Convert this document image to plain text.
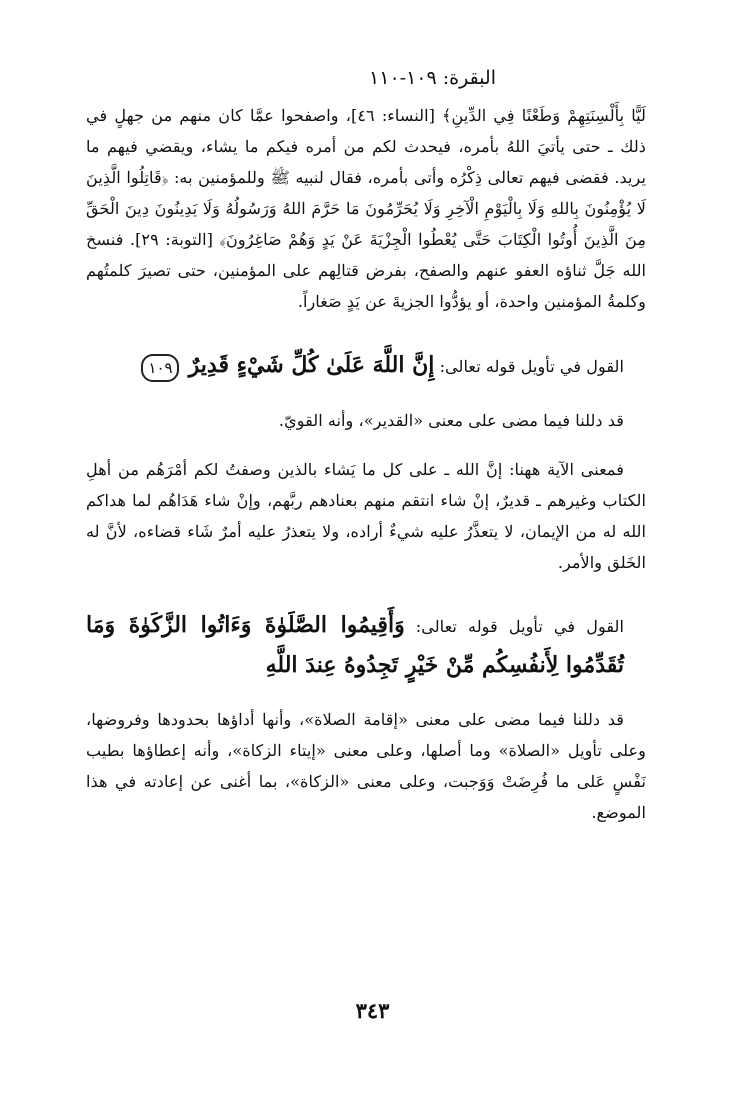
البقرة: ١٠٩-١١٠

لَيًّا بِأَلْسِنَتِهِمْ وَطَعْنًا فِي الدِّينِ﴾ [النساء: ٤٦]، واصفحوا عمَّا كان منهم من جهلٍ في ذلك ـ حتى يأتيَ اللهُ بأمره، فيحدث لكم من أمره فيكم ما يشاء، ويقضي فيهم ما يريد. فقضى فيهم تعالى ذِكْرُه وأتى بأمره، فقال لنبيه ﷺ وللمؤمنين به: ﴿قَاتِلُوا الَّذِينَ لَا يُؤْمِنُونَ بِاللهِ وَلَا بِالْيَوْمِ الْآخِرِ وَلَا يُحَرِّمُونَ مَا حَرَّمَ اللهُ وَرَسُولُهُ وَلَا يَدِينُونَ دِينَ الْحَقِّ مِنَ الَّذِينَ أُوتُوا الْكِتَابَ حَتَّى يُعْطُوا الْجِزْيَةَ عَنْ يَدٍ وَهُمْ صَاغِرُونَ﴾ [التوبة: ٢٩]. فنسخ الله جَلَّ ثناؤه العفو عنهم والصفح، بفرض قتالِهم على المؤمنين، حتى تصيرَ كلمتُهم وكلمةُ المؤمنين واحدة، أو يؤدُّوا الجزيةَ عن يَدٍ صَغاراً.

القول في تأويل قوله تعالى: إِنَّ اللَّهَ عَلَىٰ كُلِّ شَيْءٍ قَدِيرٌ ١٠٩

قد دللنا فيما مضى على معنى «القدير»، وأنه القويّ.

فمعنى الآية ههنا: إنَّ الله ـ على كل ما يَشاء بالذين وصفتُ لكم أمْرَهُم من أهلِ الكتاب وغيرهم ـ قديرٌ، إنْ شاء انتقم منهم بعنادهم ربَّهم، وإنْ شاء هَدَاهُم لما هداكم الله له من الإيمان، لا يتعذَّرُ عليه شيءٌ أراده، ولا يتعذرُ عليه أمرٌ شَاء قضاءه، لأنَّ له الخَلق والأمر.

القول في تأويل قوله تعالى: وَأَقِيمُوا الصَّلَوٰةَ وَءَاتُوا الزَّكَوٰةَ وَمَا تُقَدِّمُوا لِأَنفُسِكُم مِّنْ خَيْرٍ تَجِدُوهُ عِندَ اللَّهِ

قد دللنا فيما مضى على معنى «إقامة الصلاة»، وأنها أداؤها بحدودها وفروضها، وعلى تأويل «الصلاة» وما أصلها، وعلى معنى «إيتاء الزكاة»، وأنه إعطاؤها بطيب نَفْسٍ عَلى ما فُرِضَتْ وَوَجبت، وعلى معنى «الزكاة»، بما أغنى عن إعادته في هذا الموضع.

٣٤٣
